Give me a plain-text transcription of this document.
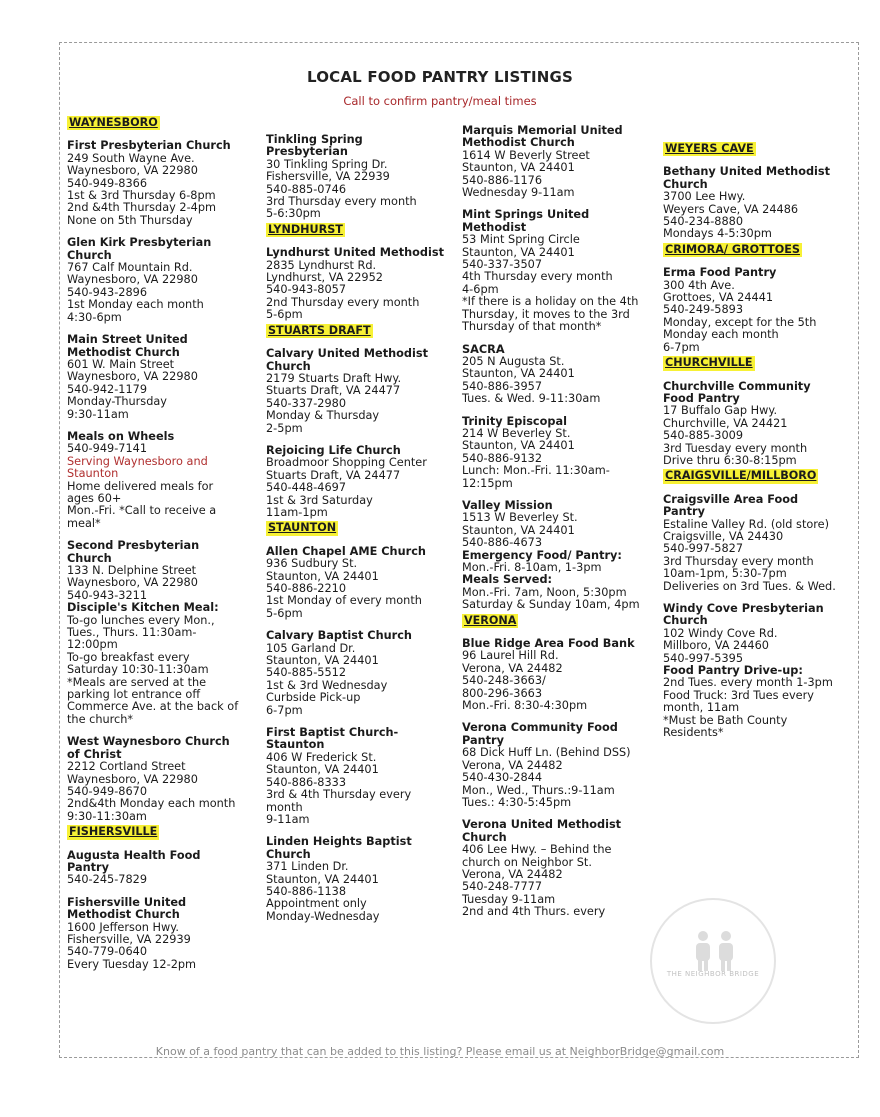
LOCAL FOOD PANTRY LISTINGS
Call to confirm pantry/meal times
WAYNESBORO
First Presbyterian Church
249 South Wayne Ave.
Waynesboro, VA 22980
540-949-8366
1st & 3rd Thursday 6-8pm
2nd &4th Thursday 2-4pm
None on 5th Thursday
Glen Kirk Presbyterian Church
767 Calf Mountain Rd.
Waynesboro, VA 22980
540-943-2896
1st Monday each month
4:30-6pm
Main Street United Methodist Church
601 W. Main Street
Waynesboro, VA 22980
540-942-1179
Monday-Thursday
9:30-11am
Meals on Wheels
540-949-7141
Serving Waynesboro and Staunton
Home delivered meals for ages 60+
Mon.-Fri. *Call to receive a meal*
Second Presbyterian Church
133 N. Delphine Street
Waynesboro, VA 22980
540-943-3211
Disciple's Kitchen Meal:
To-go lunches every Mon., Tues., Thurs. 11:30am-12:00pm
To-go breakfast every Saturday 10:30-11:30am
*Meals are served at the parking lot entrance off Commerce Ave. at the back of the church*
West Waynesboro Church of Christ
2212 Cortland Street
Waynesboro, VA 22980
540-949-8670
2nd&4th Monday each month
9:30-11:30am
FISHERSVILLE
Augusta Health Food Pantry
540-245-7829
Fishersville United Methodist Church
1600 Jefferson Hwy.
Fishersville, VA 22939
540-779-0640
Every Tuesday 12-2pm
Tinkling Spring Presbyterian
30 Tinkling Spring Dr.
Fishersville, VA 22939
540-885-0746
3rd Thursday every month
5-6:30pm
LYNDHURST
Lyndhurst United Methodist
2835 Lyndhurst Rd.
Lyndhurst, VA 22952
540-943-8057
2nd Thursday every month
5-6pm
STUARTS DRAFT
Calvary United Methodist Church
2179 Stuarts Draft Hwy.
Stuarts Draft, VA 24477
540-337-2980
Monday & Thursday
2-5pm
Rejoicing Life Church
Broadmoor Shopping Center
Stuarts Draft, VA 24477
540-448-4697
1st & 3rd Saturday
11am-1pm
STAUNTON
Allen Chapel AME Church
936 Sudbury St.
Staunton, VA 24401
540-886-2210
1st Monday of every month
5-6pm
Calvary Baptist Church
105 Garland Dr.
Staunton, VA 24401
540-885-5512
1st & 3rd Wednesday
Curbside Pick-up
6-7pm
First Baptist Church-Staunton
406 W Frederick St.
Staunton, VA 24401
540-886-8333
3rd & 4th Thursday every month
9-11am
Linden Heights Baptist Church
371 Linden Dr.
Staunton, VA 24401
540-886-1138
Appointment only
Monday-Wednesday
Marquis Memorial United Methodist Church
1614 W Beverly Street
Staunton, VA 24401
540-886-1176
Wednesday 9-11am
Mint Springs United Methodist
53 Mint Spring Circle
Staunton, VA 24401
540-337-3507
4th Thursday every month
4-6pm
*If there is a holiday on the 4th Thursday, it moves to the 3rd Thursday of that month*
SACRA
205 N Augusta St.
Staunton, VA 24401
540-886-3957
Tues. & Wed. 9-11:30am
Trinity Episcopal
214 W Beverley St.
Staunton, VA 24401
540-886-9132
Lunch: Mon.-Fri. 11:30am-12:15pm
Valley Mission
1513 W Beverley St.
Staunton, VA 24401
540-886-4673
Emergency Food/ Pantry:
Mon.-Fri. 8-10am, 1-3pm
Meals Served:
Mon.-Fri. 7am, Noon, 5:30pm
Saturday & Sunday 10am, 4pm
VERONA
Blue Ridge Area Food Bank
96 Laurel Hill Rd.
Verona, VA 24482
540-248-3663/
800-296-3663
Mon.-Fri. 8:30-4:30pm
Verona Community Food Pantry
68 Dick Huff Ln. (Behind DSS)
Verona, VA 24482
540-430-2844
Mon., Wed., Thurs.:9-11am
Tues.: 4:30-5:45pm
Verona United Methodist Church
406 Lee Hwy. – Behind the church on Neighbor St.
Verona, VA 24482
540-248-7777
Tuesday 9-11am
2nd and 4th Thurs. every
WEYERS CAVE
Bethany United Methodist Church
3700 Lee Hwy.
Weyers Cave, VA 24486
540-234-8880
Mondays 4-5:30pm
CRIMORA/ GROTTOES
Erma Food Pantry
300 4th Ave.
Grottoes, VA 24441
540-249-5893
Monday, except for the 5th Monday each month
6-7pm
CHURCHVILLE
Churchville Community Food Pantry
17 Buffalo Gap Hwy.
Churchville, VA 24421
540-885-3009
3rd Tuesday every month
Drive thru 6:30-8:15pm
CRAIGSVILLE/MILLBORO
Craigsville Area Food Pantry
Estaline Valley Rd. (old store)
Craigsville, VA 24430
540-997-5827
3rd Thursday every month
10am-1pm, 5:30-7pm
Deliveries on 3rd Tues. & Wed.
Windy Cove Presbyterian Church
102 Windy Cove Rd.
Millboro, VA 24460
540-997-5395
Food Pantry Drive-up:
2nd Tues. every month 1-3pm
Food Truck: 3rd Tues every month, 11am
*Must be Bath County Residents*
THE NEIGHBOR BRIDGE
Know of a food pantry that can be added to this listing? Please email us at NeighborBridge@gmail.com
